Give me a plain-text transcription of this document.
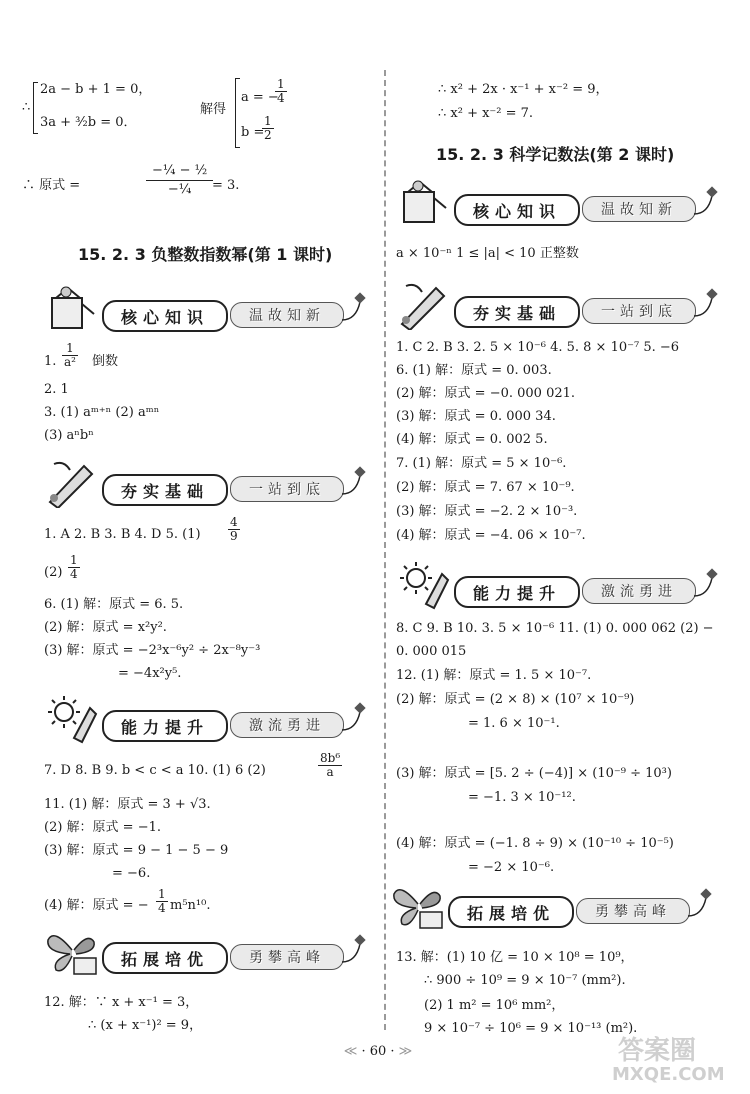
∴
2a − b + 1 = 0，
3a + ³⁄₂b = 0．
解得
a = −
$\frac{1}{4}$
b =
$\frac{1}{2}$
∴ 原式 =
−¼ − ½
−¼	= 3.
15. 2. 3 负整数指数幂(第 1 课时)
核心知识	温故知新
1. $\frac{1}{\text{a²}}$ 倒数
2. 1
3. (1) aᵐ⁺ⁿ (2) aᵐⁿ
(3) aⁿbⁿ
夯实基础	一站到底
1. A 2. B 3. B 4. D 5. $(1) \frac{4}{9}$
$(2) \frac{1}{4}$
6. (1) 解：原式 = 6. 5.
(2) 解：原式 = x²y².
(3) 解：原式 = −2³x⁻⁶y² ÷ 2x⁻⁸y⁻³
= −4x²y⁵.
能力提升	激流勇进
7. D 8. B 9. b < c < a 10. (1) 6 (2)	$\frac{\text{8b⁶}}{a}$
11. (1) 解：原式 = 3 + √3.
(2) 解：原式 = −1.
(3) 解：原式 = 9 − 1 − 5 − 9
= −6.
(4) 解：原式 = − $\frac{1}{4} m^5n^{10}$.
拓展培优	勇攀高峰
12. 解：∵ x + x⁻¹ = 3，
∴ (x + x⁻¹)² = 9，
∴ x² + 2x · x⁻¹ + x⁻² = 9，
∴ x² + x⁻² = 7.
15. 2. 3 科学记数法(第 2 课时)
核心知识	温故知新
a × 10⁻ⁿ 1 ≤ |a| < 10 正整数
夯实基础	一站到底
1. C 2. B 3. 2. 5 × 10⁻⁶ 4. 5. 8 × 10⁻⁷ 5. −6
6. (1) 解：原式 = 0. 003.
(2) 解：原式 = −0. 000 021.
(3) 解：原式 = 0. 000 34.
(4) 解：原式 = 0. 002 5.
7. (1) 解：原式 = 5 × 10⁻⁶.
(2) 解：原式 = 7. 67 × 10⁻⁹.
(3) 解：原式 = −2. 2 × 10⁻³.
(4) 解：原式 = −4. 06 × 10⁻⁷.
能力提升	激流勇进
8. C 9. B 10. 3. 5 × 10⁻⁶ 11. (1) 0. 000 062 (2) −
0. 000 015
12. (1) 解：原式 = 1. 5 × 10⁻⁷.
(2) 解：原式 = (2 × 8) × (10⁷ × 10⁻⁹)
= 1. 6 × 10⁻¹.
(3) 解：原式 = [5. 2 ÷ (−4)] × (10⁻⁹ ÷ 10³)
= −1. 3 × 10⁻¹².
(4) 解：原式 = (−1. 8 ÷ 9) × (10⁻¹⁰ ÷ 10⁻⁵)
= −2 × 10⁻⁶.
拓展培优	勇攀高峰
13. 解：(1) 10 亿 = 10 × 10⁸ = 10⁹，
∴ 900 ÷ 10⁹ = 9 × 10⁻⁷ (mm²).
(2) 1 m² = 10⁶ mm²，
9 × 10⁻⁷ ÷ 10⁶ = 9 × 10⁻¹³ (m²).
≪ · 60 · ≫	答案圈
MXQE.COM
